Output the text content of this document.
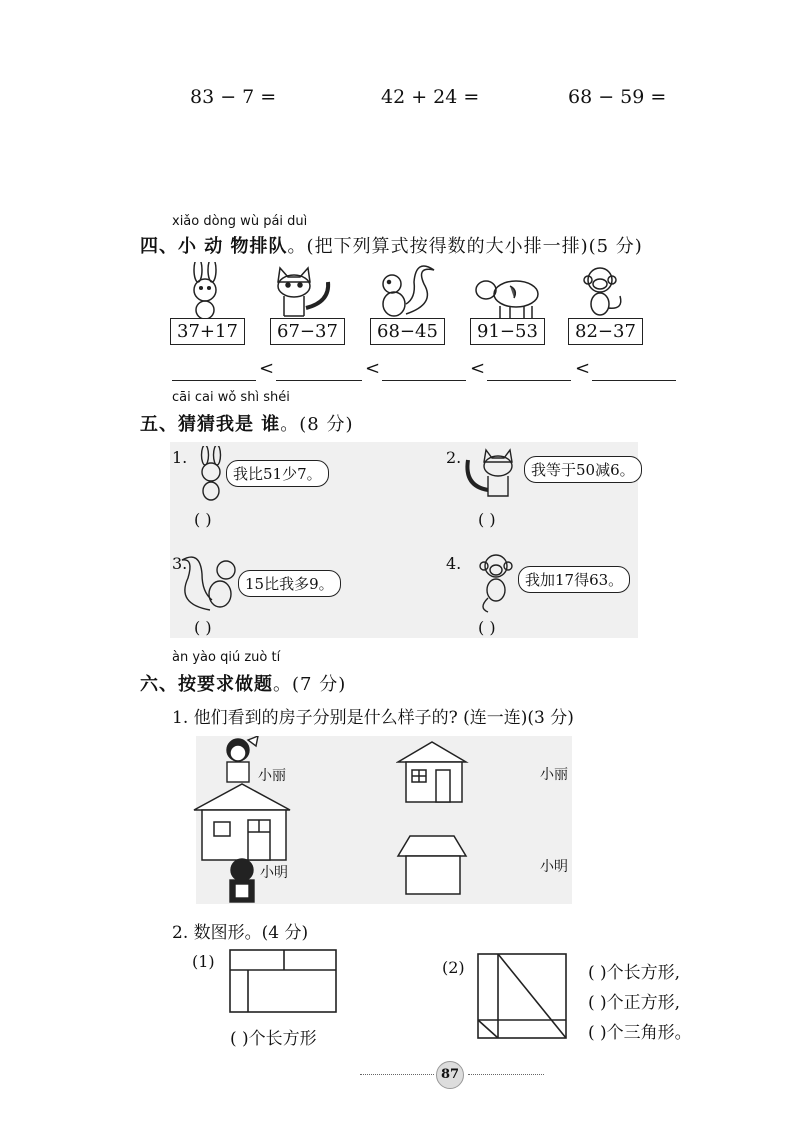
83 − 7 =	42 + 24 =	68 − 59 =
xiǎo dòng wù pái duì
四、小 动 物排队。(把下列算式按得数的大小排一排)(5 分)
37+17	67−37	68−45	91−53	82−37
<	<	<	<
cāi cai wǒ shì shéi
五、猜猜我是 谁。(8 分)
1.
我比51少7。
( )
2.
我等于50减6。
( )
3.
15比我多9。
( )
4.
我加17得63。
( )
àn yào qiú zuò tí
六、按要求做题。(7 分)
1. 他们看到的房子分别是什么样子的? (连一连)(3 分)
小丽
小明
小丽
小明
2. 数图形。(4 分)
(1)
( )个长方形
(2)	( )个长方形,
( )个正方形,
( )个三角形。
87
